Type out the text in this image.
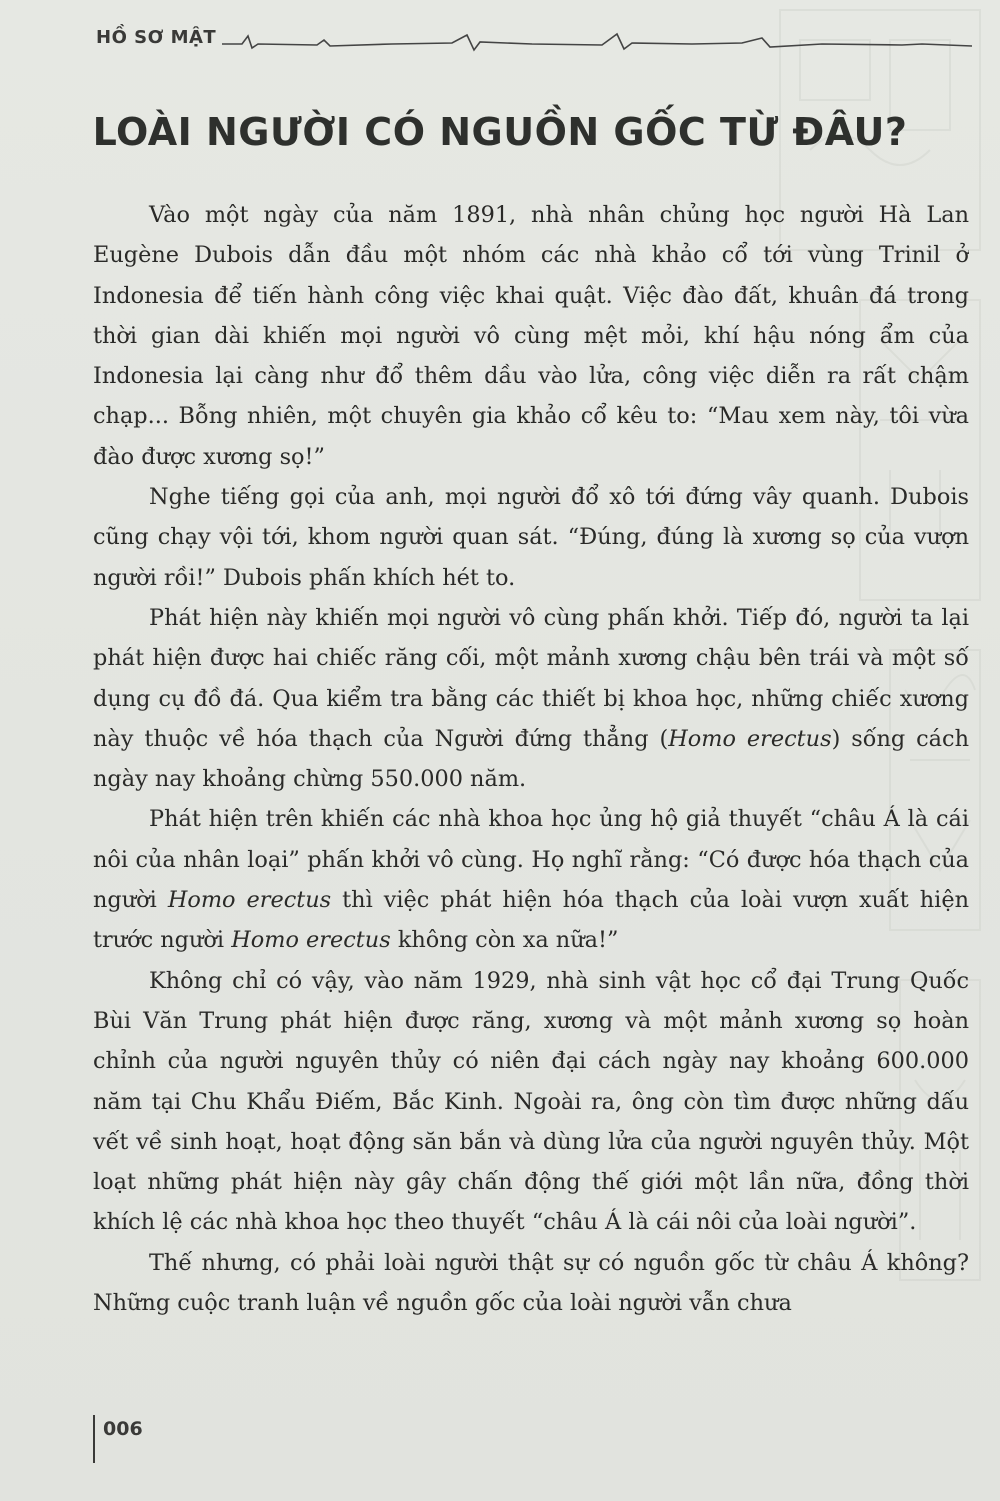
HỒ SƠ MẬT
LOÀI NGƯỜI CÓ NGUỒN GỐC TỪ ĐÂU?

Vào một ngày của năm 1891, nhà nhân chủng học người Hà Lan Eugène Dubois dẫn đầu một nhóm các nhà khảo cổ tới vùng Trinil ở Indonesia để tiến hành công việc khai quật. Việc đào đất, khuân đá trong thời gian dài khiến mọi người vô cùng mệt mỏi, khí hậu nóng ẩm của Indonesia lại càng như đổ thêm dầu vào lửa, công việc diễn ra rất chậm chạp... Bỗng nhiên, một chuyên gia khảo cổ kêu to: “Mau xem này, tôi vừa đào được xương sọ!”

Nghe tiếng gọi của anh, mọi người đổ xô tới đứng vây quanh. Dubois cũng chạy vội tới, khom người quan sát. “Đúng, đúng là xương sọ của vượn người rồi!” Dubois phấn khích hét to.

Phát hiện này khiến mọi người vô cùng phấn khởi. Tiếp đó, người ta lại phát hiện được hai chiếc răng cối, một mảnh xương chậu bên trái và một số dụng cụ đồ đá. Qua kiểm tra bằng các thiết bị khoa học, những chiếc xương này thuộc về hóa thạch của Người đứng thẳng (Homo erectus) sống cách ngày nay khoảng chừng 550.000 năm.

Phát hiện trên khiến các nhà khoa học ủng hộ giả thuyết “châu Á là cái nôi của nhân loại” phấn khởi vô cùng. Họ nghĩ rằng: “Có được hóa thạch của người Homo erectus thì việc phát hiện hóa thạch của loài vượn xuất hiện trước người Homo erectus không còn xa nữa!”

Không chỉ có vậy, vào năm 1929, nhà sinh vật học cổ đại Trung Quốc Bùi Văn Trung phát hiện được răng, xương và một mảnh xương sọ hoàn chỉnh của người nguyên thủy có niên đại cách ngày nay khoảng 600.000 năm tại Chu Khẩu Điếm, Bắc Kinh. Ngoài ra, ông còn tìm được những dấu vết về sinh hoạt, hoạt động săn bắn và dùng lửa của người nguyên thủy. Một loạt những phát hiện này gây chấn động thế giới một lần nữa, đồng thời khích lệ các nhà khoa học theo thuyết “châu Á là cái nôi của loài người”.

Thế nhưng, có phải loài người thật sự có nguồn gốc từ châu Á không? Những cuộc tranh luận về nguồn gốc của loài người vẫn chưa

006
